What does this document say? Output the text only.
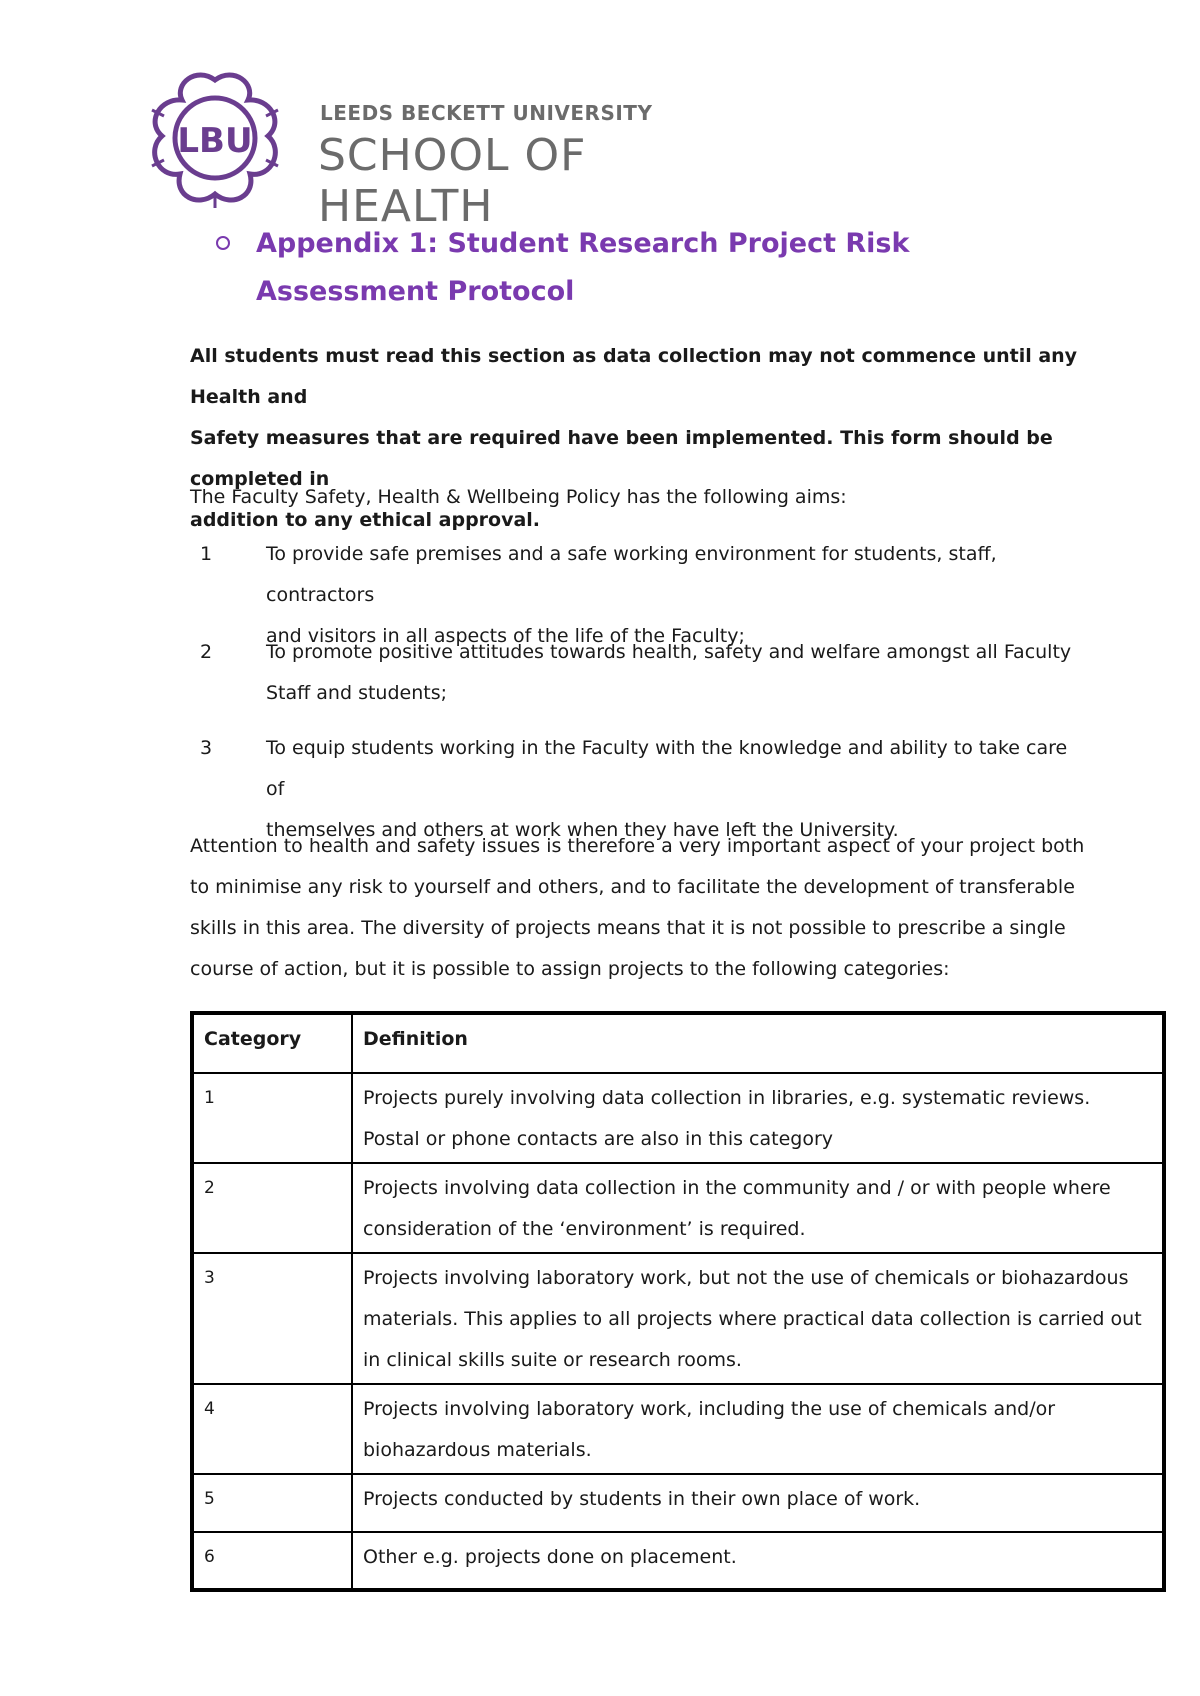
LBU
LEEDS BECKETT UNIVERSITY
SCHOOL OF HEALTH
Appendix 1: Student Research Project Risk
Assessment Protocol
All students must read this section as data collection may not commence until any Health and
Safety measures that are required have been implemented. This form should be completed in
addition to any ethical approval.
The Faculty Safety, Health & Wellbeing Policy has the following aims:
1	To provide safe premises and a safe working environment for students, staff, contractors
and visitors in all aspects of the life of the Faculty;
2	To promote positive attitudes towards health, safety and welfare amongst all Faculty
Staff and students;
3	To equip students working in the Faculty with the knowledge and ability to take care of
themselves and others at work when they have left the University.
Attention to health and safety issues is therefore a very important aspect of your project both
to minimise any risk to yourself and others, and to facilitate the development of transferable
skills in this area. The diversity of projects means that it is not possible to prescribe a single
course of action, but it is possible to assign projects to the following categories:
Category	Definition
1	Projects purely involving data collection in libraries, e.g. systematic reviews. Postal or phone contacts are also in this category
2	Projects involving data collection in the community and / or with people where consideration of the ‘environment’ is required.
3	Projects involving laboratory work, but not the use of chemicals or biohazardous materials. This applies to all projects where practical data collection is carried out in clinical skills suite or research rooms.
4	Projects involving laboratory work, including the use of chemicals and/or biohazardous materials.
5	Projects conducted by students in their own place of work.
6	Other e.g. projects done on placement.
